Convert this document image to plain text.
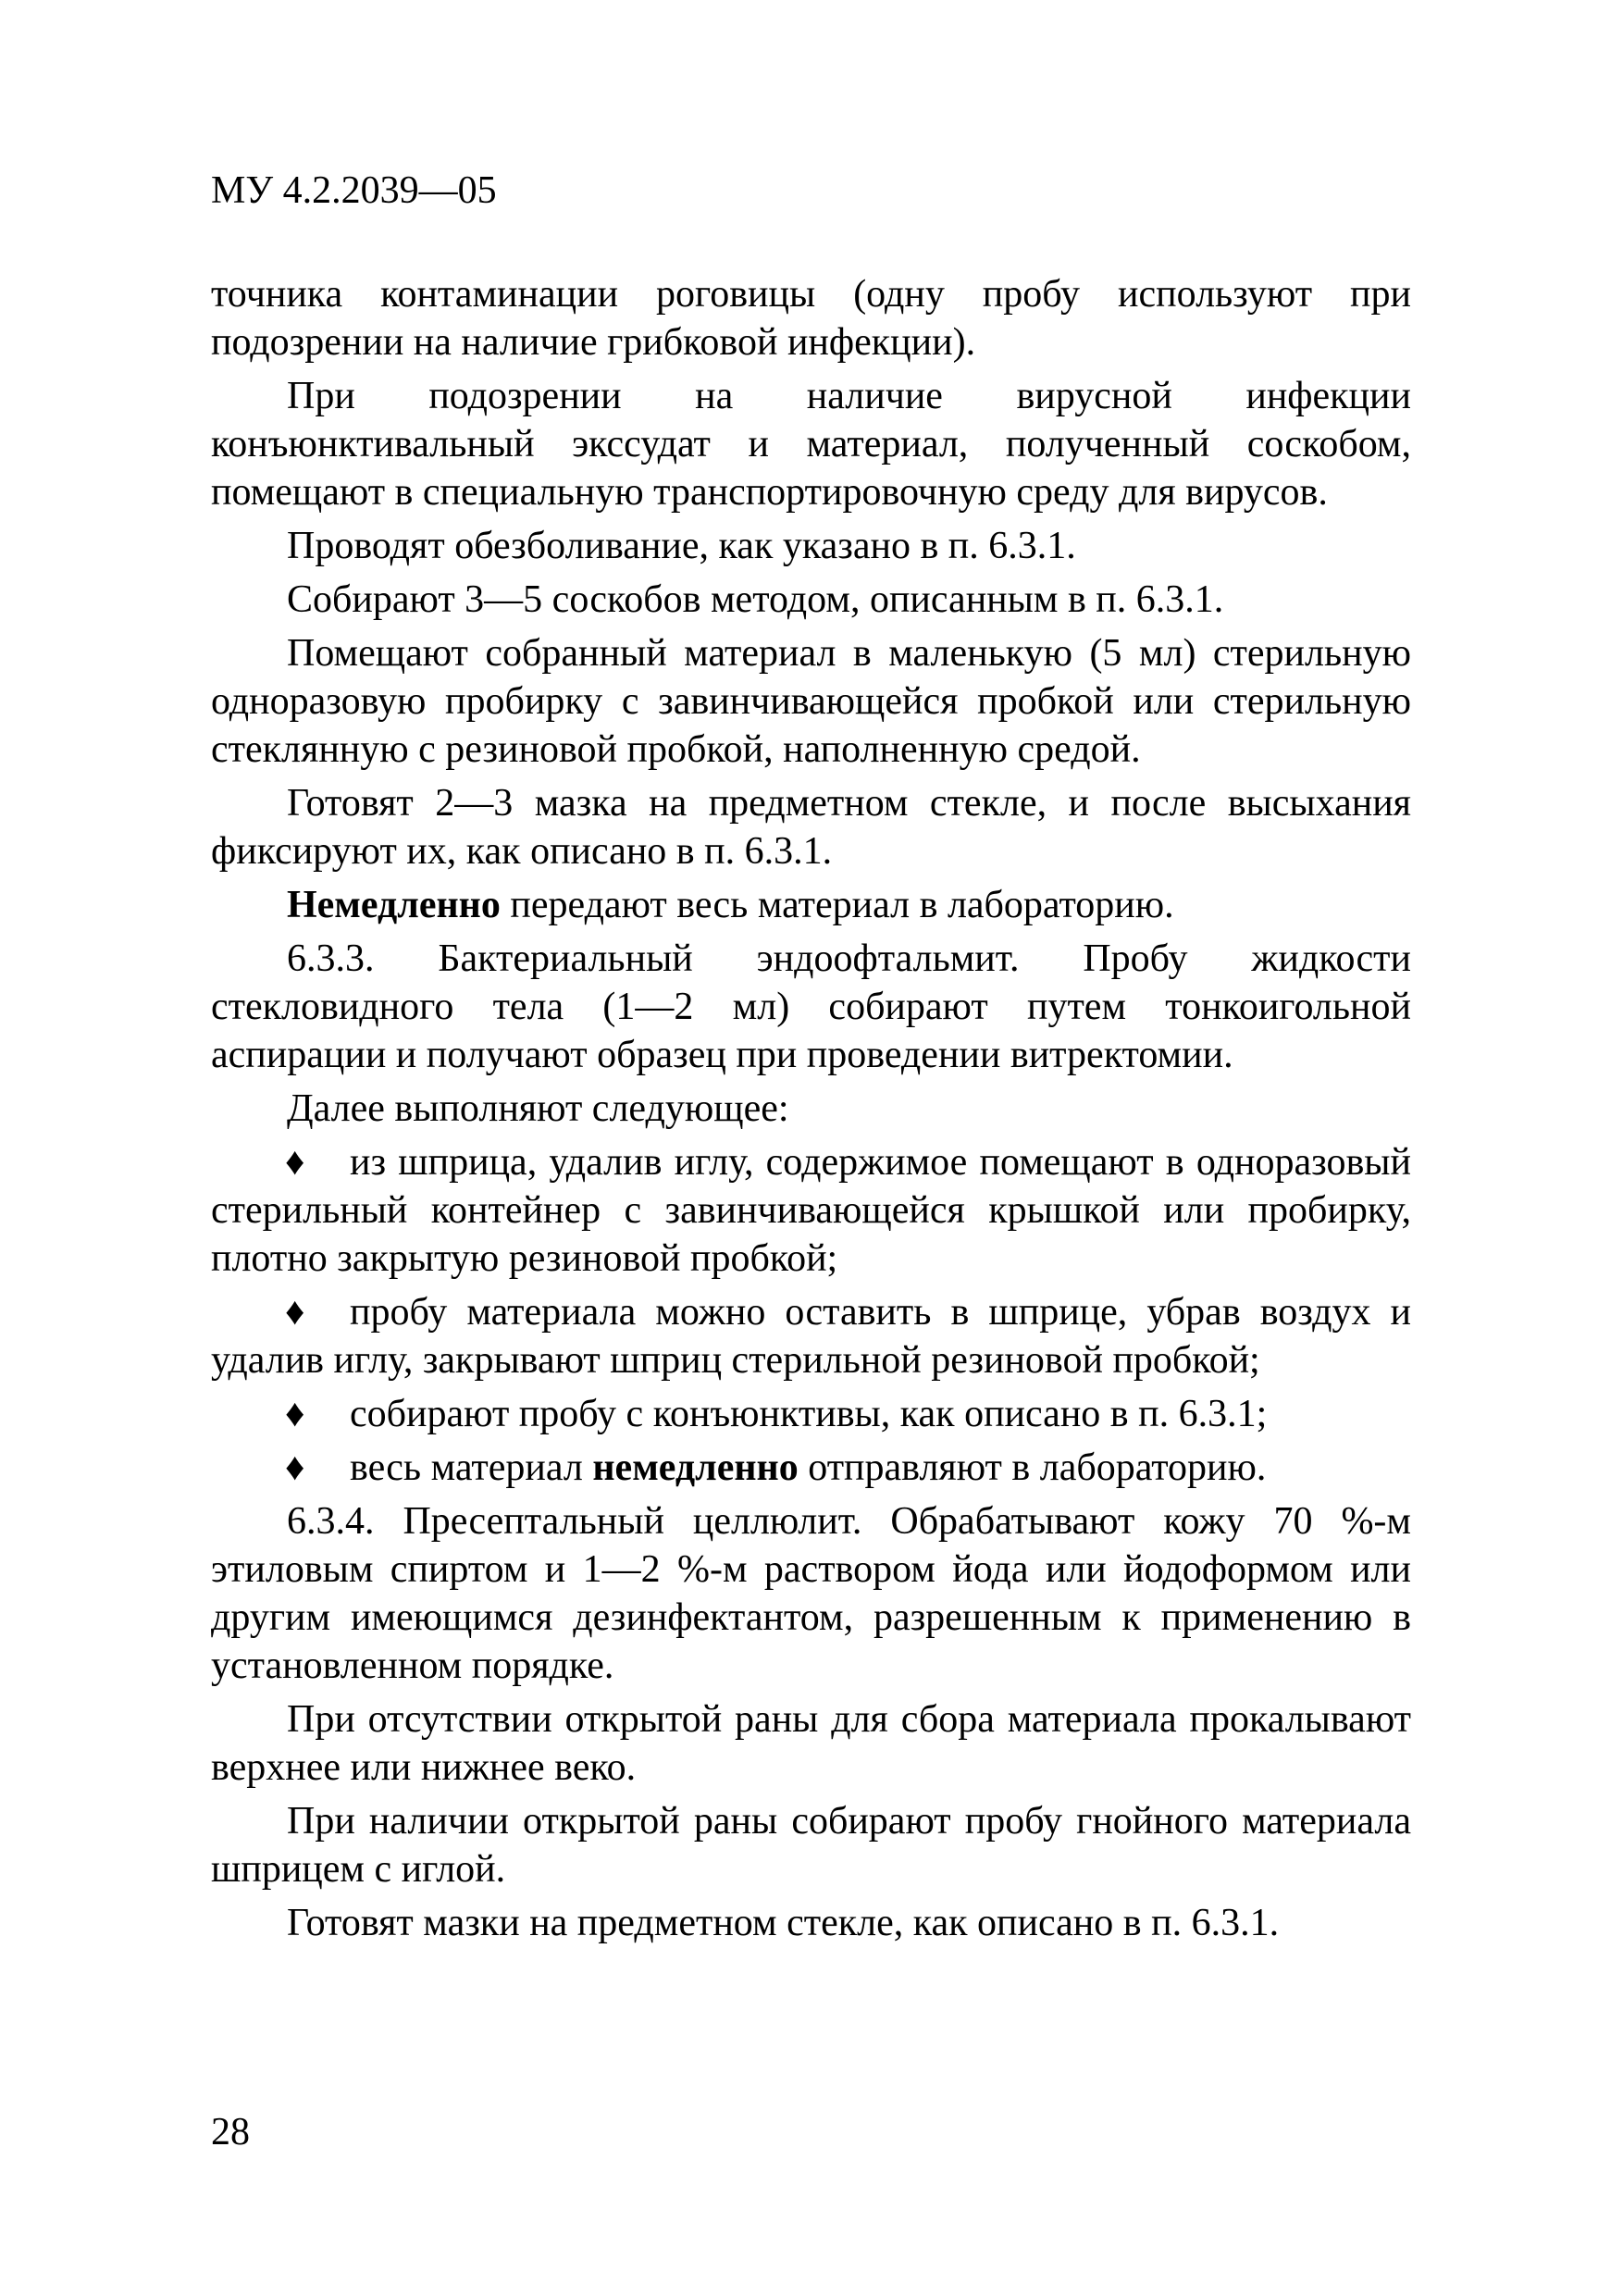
МУ 4.2.2039—05

точника контаминации роговицы (одну пробу используют при подозрении на наличие грибковой инфекции).

При подозрении на наличие вирусной инфекции конъюнктивальный экссудат и материал, полученный соскобом, помещают в специальную транспортировочную среду для вирусов.

Проводят обезболивание, как указано в п. 6.3.1.

Собирают 3—5 соскобов методом, описанным в п. 6.3.1.

Помещают собранный материал в маленькую (5 мл) стерильную одноразовую пробирку с завинчивающейся пробкой или стерильную стеклянную с резиновой пробкой, наполненную средой.

Готовят 2—3 мазка на предметном стекле, и после высыхания фиксируют их, как описано в п. 6.3.1.

Немедленно передают весь материал в лабораторию.

6.3.3. Бактериальный эндоофтальмит. Пробу жидкости стекловидного тела (1—2 мл) собирают путем тонкоигольной аспирации и получают образец при проведении витректомии.

Далее выполняют следующее:

♦ из шприца, удалив иглу, содержимое помещают в одноразовый стерильный контейнер с завинчивающейся крышкой или пробирку, плотно закрытую резиновой пробкой;

♦ пробу материала можно оставить в шприце, убрав воздух и удалив иглу, закрывают шприц стерильной резиновой пробкой;

♦ собирают пробу с конъюнктивы, как описано в п. 6.3.1;

♦ весь материал немедленно отправляют в лабораторию.

6.3.4. Пресептальный целлюлит. Обрабатывают кожу 70 %-м этиловым спиртом и 1—2 %-м раствором йода или йодоформом или другим имеющимся дезинфектантом, разрешенным к применению в установленном порядке.

При отсутствии открытой раны для сбора материала прокалывают верхнее или нижнее веко.

При наличии открытой раны собирают пробу гнойного материала шприцем с иглой.

Готовят мазки на предметном стекле, как описано в п. 6.3.1.

28
